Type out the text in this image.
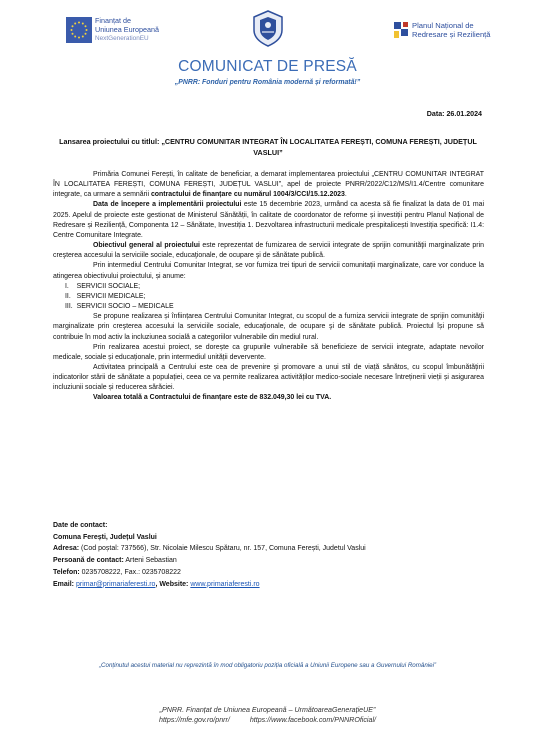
Finanțat de
Uniunea Europeană
NextGenerationEU
Planul Național de
Redresare și Reziliență
COMUNICAT DE PRESĂ
„PNRR: Fonduri pentru România modernă și reformată!”
Data: 26.01.2024
Lansarea proiectului cu titlul: „CENTRU COMUNITAR INTEGRAT ÎN LOCALITATEA FEREȘTI, COMUNA FEREȘTI, JUDEȚUL VASLUI”

Primăria Comunei Ferești, în calitate de beneficiar, a demarat implementarea proiectului „CENTRU COMUNITAR INTEGRAT ÎN LOCALITATEA FEREȘTI, COMUNA FEREȘTI, JUDEȚUL VASLUI”, apel de proiecte PNRR/2022/C12/MS/I1.4/Centre comunitare integrate, ca urmare a semnării contractului de finanțare cu numărul 1004/3/CCI/15.12.2023.

Data de începere a implementării proiectului este 15 decembrie 2023, urmând ca acesta să fie finalizat la data de 01 mai 2025. Apelul de proiecte este gestionat de Ministerul Sănătății, în calitate de coordonator de reforme și investiții pentru Planul Național de Redresare și Reziliență, Componenta 12 – Sănătate, Investiția 1. Dezvoltarea infrastructurii medicale prespitalicești Investiția specifică: I1.4: Centre Comunitare Integrate.

Obiectivul general al proiectului este reprezentat de furnizarea de servicii integrate de sprijin comunităţii marginalizate prin creşterea accesului la serviciile sociale, educaţionale, de ocupare şi de sănătate publică.

Prin intermediul Centrului Comunitar Integrat, se vor furniza trei tipuri de servicii comunitații marginalizate, care vor conduce la atingerea obiectivului proiectului, și anume:

I.    SERVICII SOCIALE;

II.   SERVICII MEDICALE;

III.  SERVICII SOCIO – MEDICALE

Se propune realizarea și înființarea Centrului Comunitar Integrat, cu scopul de a furniza servicii integrate de sprijin comunităţii marginalizate prin creşterea accesului la serviciile sociale, educaţionale, de ocupare şi de sănătate publică. Proiectul își propune să contribuie în mod activ la incluziunea socială a categoriilor vulnerabile din mediul rural.

Prin realizarea acestui proiect, se dorește ca grupurile vulnerabile să beneficieze de servicii integrate, adaptate nevoilor medicale, sociale și educaționale, prin intermediul unității devervente.

Activitatea principală a Centrului este cea de prevenire și promovare a unui stil de viață sănătos, cu scopul îmbunătățirii indicatorilor stării de sănătate a populației, ceea ce va permite realizarea activităților medico-sociale necesare întreținerii vieții și asigurarea incluziunii sociale și reducerea sărăciei.

Valoarea totală a Contractului de finanțare este de 832.049,30 lei cu TVA.

Date de contact:
Comuna Ferești, Județul Vaslui
Adresa: (Cod poștal: 737566), Str. Nicolaie Milescu Spătaru, nr. 157, Comuna Ferești, Judetul Vaslui
Persoană de contact: Arteni Sebastian
Telefon: 0235708222, Fax.: 0235708222
Email: primar@primariaferesti.ro, Website: www.primariaferesti.ro
„Conținutul acestui material nu reprezintă în mod obligatoriu poziția oficială a Uniunii Europene sau a Guvernului României”
„PNRR. Finanțat de Uniunea Europeană – UrmătoareaGenerațieUE”
https://mfe.gov.ro/pnrr/	https://www.facebook.com/PNNROficial/
